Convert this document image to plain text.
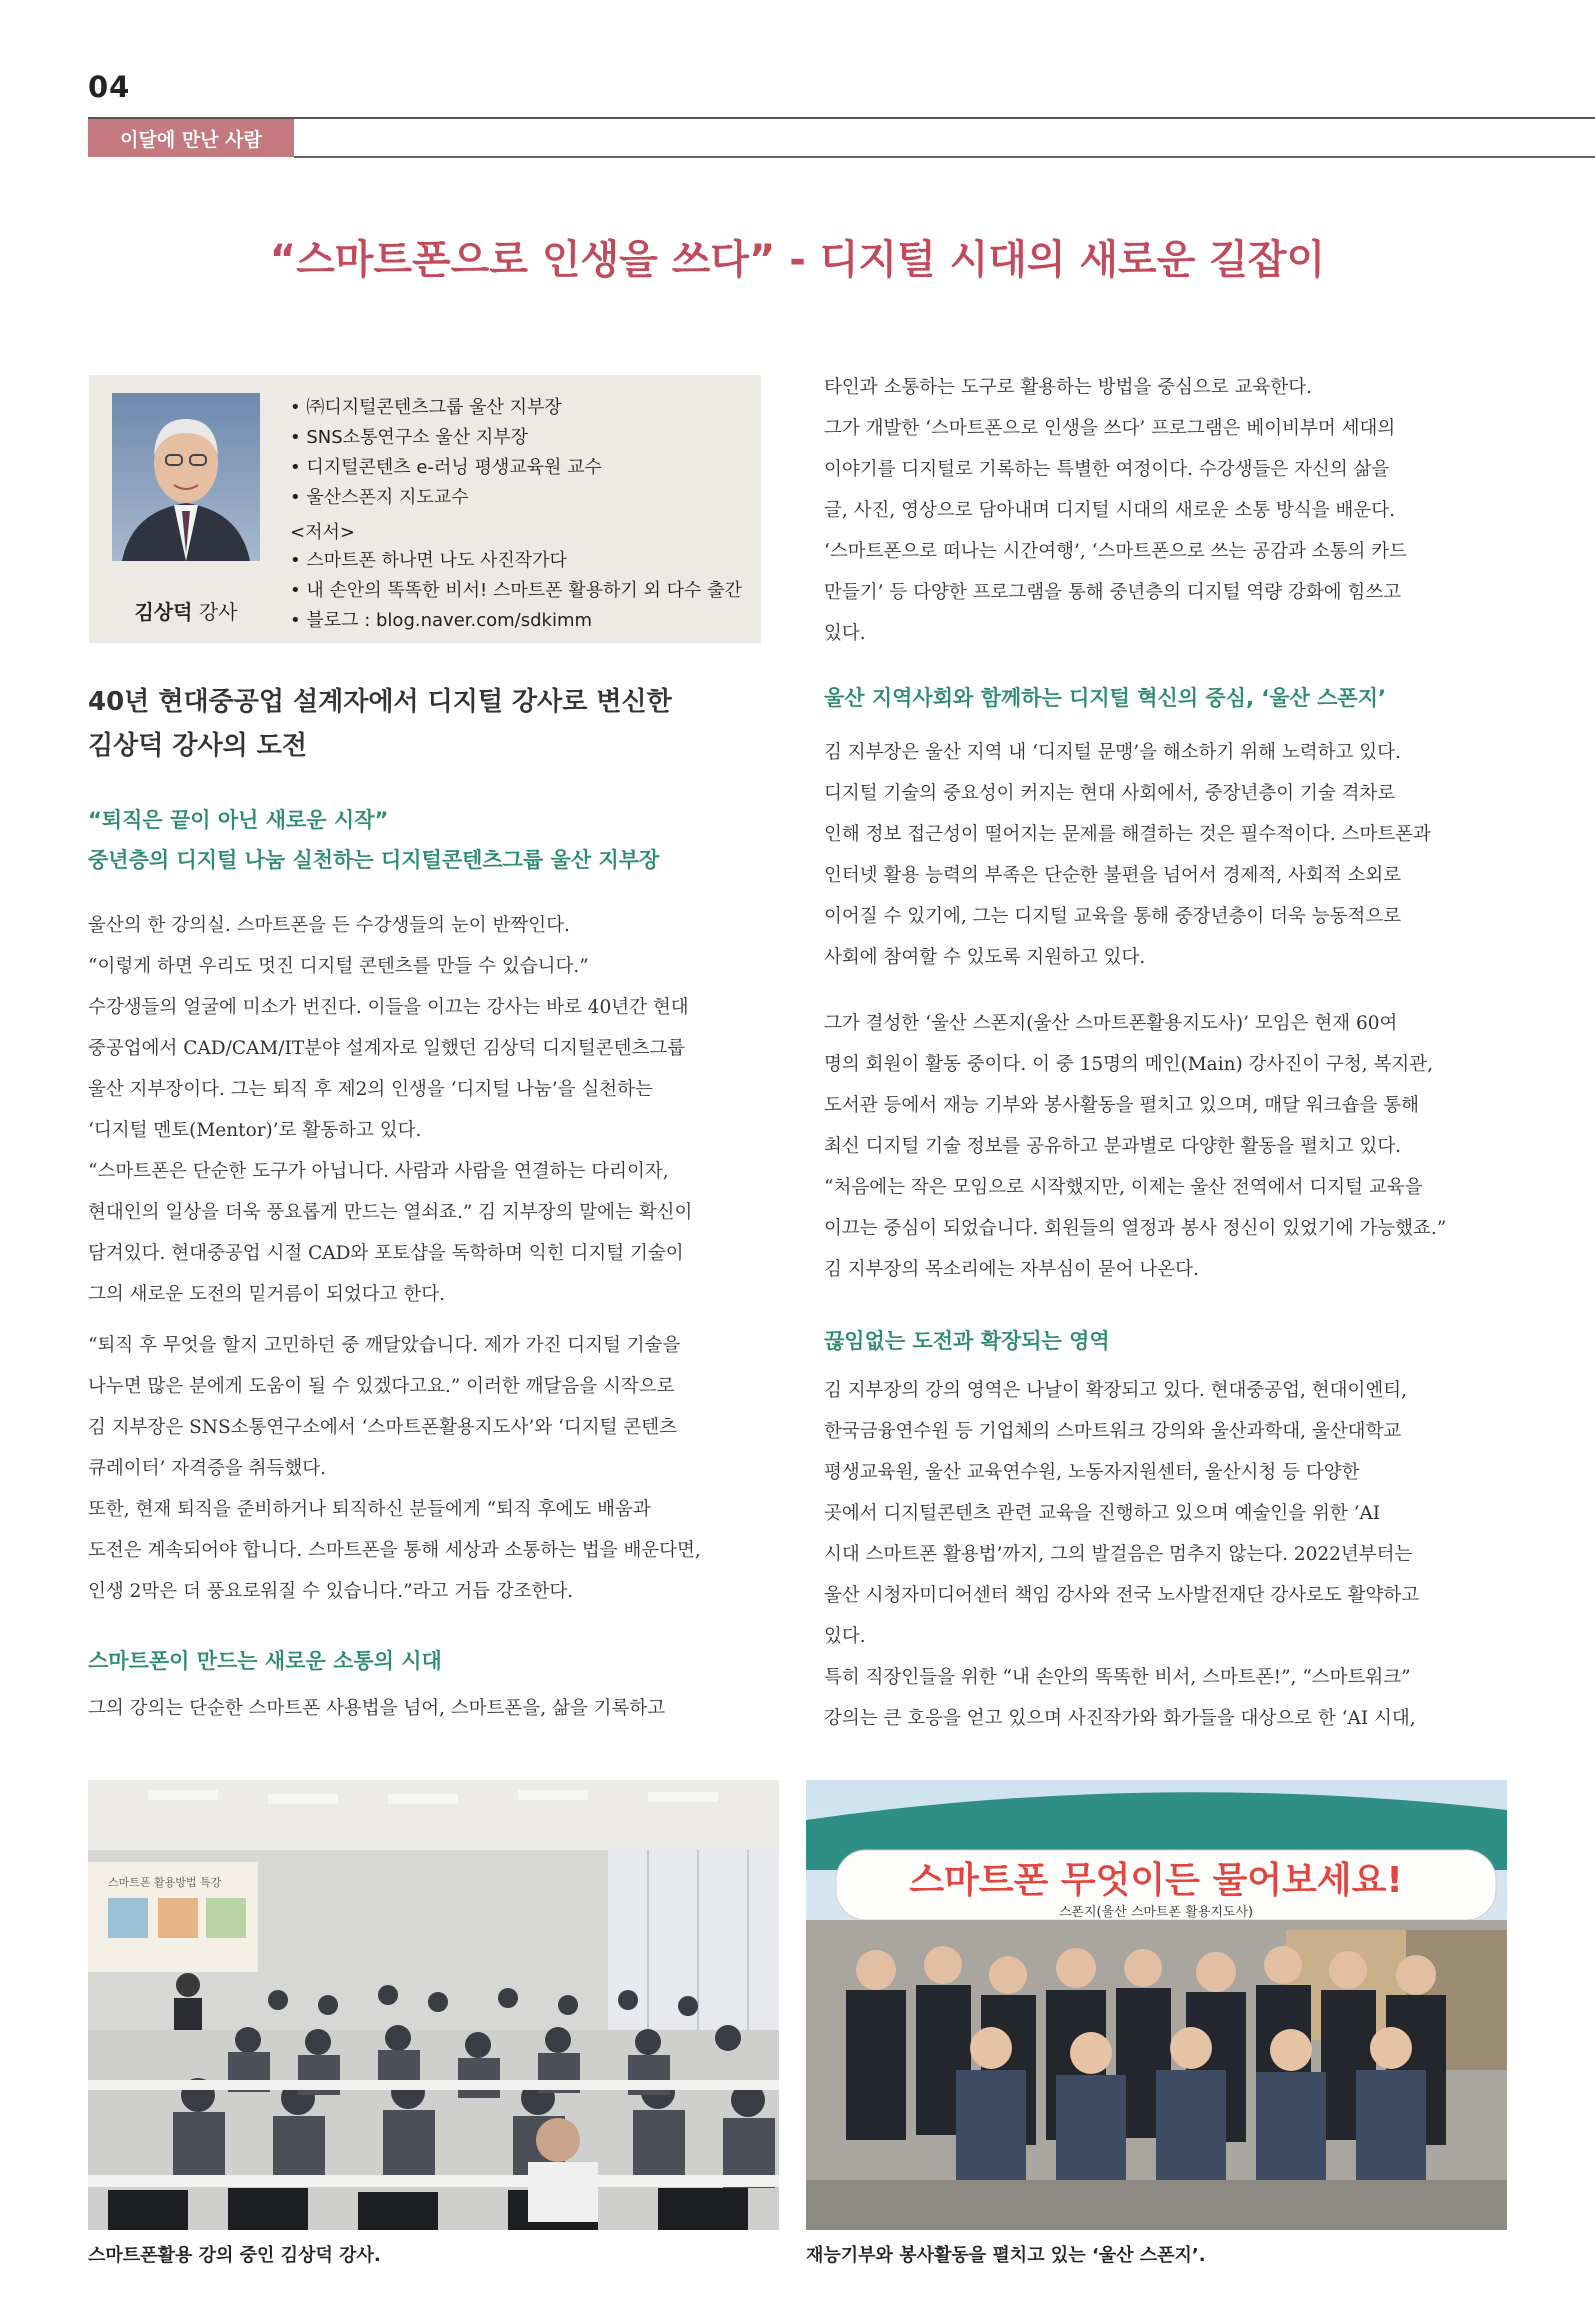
04
이달에 만난 사람
“스마트폰으로 인생을 쓰다” - 디지털 시대의 새로운 길잡이
김상덕 강사
• ㈜디지털콘텐츠그룹 울산 지부장
• SNS소통연구소 울산 지부장
• 디지털콘텐츠 e-러닝 평생교육원 교수
• 울산스폰지 지도교수
<저서>
• 스마트폰 하나면 나도 사진작가다
• 내 손안의 똑똑한 비서! 스마트폰 활용하기 외 다수 출간
• 블로그 : blog.naver.com/sdkimm
40년 현대중공업 설계자에서 디지털 강사로 변신한
김상덕 강사의 도전
“퇴직은 끝이 아닌 새로운 시작”
중년층의 디지털 나눔 실천하는 디지털콘텐츠그룹 울산 지부장
울산의 한 강의실. 스마트폰을 든 수강생들의 눈이 반짝인다.
“이렇게 하면 우리도 멋진 디지털 콘텐츠를 만들 수 있습니다.”
수강생들의 얼굴에 미소가 번진다. 이들을 이끄는 강사는 바로 40년간 현대
중공업에서 CAD/CAM/IT분야 설계자로 일했던 김상덕 디지털콘텐츠그룹
울산 지부장이다. 그는 퇴직 후 제2의 인생을 ‘디지털 나눔’을 실천하는
‘디지털 멘토(Mentor)’로 활동하고 있다.
“스마트폰은 단순한 도구가 아닙니다. 사람과 사람을 연결하는 다리이자,
현대인의 일상을 더욱 풍요롭게 만드는 열쇠죠.” 김 지부장의 말에는 확신이
담겨있다. 현대중공업 시절 CAD와 포토샵을 독학하며 익힌 디지털 기술이
그의 새로운 도전의 밑거름이 되었다고 한다.
“퇴직 후 무엇을 할지 고민하던 중 깨달았습니다. 제가 가진 디지털 기술을
나누면 많은 분에게 도움이 될 수 있겠다고요.” 이러한 깨달음을 시작으로
김 지부장은 SNS소통연구소에서 ‘스마트폰활용지도사’와 ‘디지털 콘텐츠
큐레이터’ 자격증을 취득했다.
또한, 현재 퇴직을 준비하거나 퇴직하신 분들에게 “퇴직 후에도 배움과
도전은 계속되어야 합니다. 스마트폰을 통해 세상과 소통하는 법을 배운다면,
인생 2막은 더 풍요로워질 수 있습니다.”라고 거듭 강조한다.
스마트폰이 만드는 새로운 소통의 시대
그의 강의는 단순한 스마트폰 사용법을 넘어, 스마트폰을, 삶을 기록하고
타인과 소통하는 도구로 활용하는 방법을 중심으로 교육한다.
그가 개발한 ‘스마트폰으로 인생을 쓰다’ 프로그램은 베이비부머 세대의
이야기를 디지털로 기록하는 특별한 여정이다. 수강생들은 자신의 삶을
글, 사진, 영상으로 담아내며 디지털 시대의 새로운 소통 방식을 배운다.
‘스마트폰으로 떠나는 시간여행’, ‘스마트폰으로 쓰는 공감과 소통의 카드
만들기’ 등 다양한 프로그램을 통해 중년층의 디지털 역량 강화에 힘쓰고
있다.
울산 지역사회와 함께하는 디지털 혁신의 중심, ‘울산 스폰지’
김 지부장은 울산 지역 내 ‘디지털 문맹’을 해소하기 위해 노력하고 있다.
디지털 기술의 중요성이 커지는 현대 사회에서, 중장년층이 기술 격차로
인해 정보 접근성이 떨어지는 문제를 해결하는 것은 필수적이다. 스마트폰과
인터넷 활용 능력의 부족은 단순한 불편을 넘어서 경제적, 사회적 소외로
이어질 수 있기에, 그는 디지털 교육을 통해 중장년층이 더욱 능동적으로
사회에 참여할 수 있도록 지원하고 있다.
그가 결성한 ‘울산 스폰지(울산 스마트폰활용지도사)’ 모임은 현재 60여
명의 회원이 활동 중이다. 이 중 15명의 메인(Main) 강사진이 구청, 복지관,
도서관 등에서 재능 기부와 봉사활동을 펼치고 있으며, 매달 워크숍을 통해
최신 디지털 기술 정보를 공유하고 분과별로 다양한 활동을 펼치고 있다.
“처음에는 작은 모임으로 시작했지만, 이제는 울산 전역에서 디지털 교육을
이끄는 중심이 되었습니다. 회원들의 열정과 봉사 정신이 있었기에 가능했죠.”
김 지부장의 목소리에는 자부심이 묻어 나온다.
끊임없는 도전과 확장되는 영역
김 지부장의 강의 영역은 나날이 확장되고 있다. 현대중공업, 현대이엔티,
한국금융연수원 등 기업체의 스마트워크 강의와 울산과학대, 울산대학교
평생교육원, 울산 교육연수원, 노동자지원센터, 울산시청 등 다양한
곳에서 디지털콘텐츠 관련 교육을 진행하고 있으며 예술인을 위한 ‘AI
시대 스마트폰 활용법’까지, 그의 발걸음은 멈추지 않는다. 2022년부터는
울산 시청자미디어센터 책임 강사와 전국 노사발전재단 강사로도 활약하고
있다.
특히 직장인들을 위한 “내 손안의 똑똑한 비서, 스마트폰!”, “스마트워크”
강의는 큰 호응을 얻고 있으며 사진작가와 화가들을 대상으로 한 ‘AI 시대,
스마트폰 활용방법 특강
스마트폰활용 강의 중인 김상덕 강사.
스마트폰 무엇이든 물어보세요!
스폰지(울산 스마트폰 활용지도사)
재능기부와 봉사활동을 펼치고 있는 ‘울산 스폰지’.
